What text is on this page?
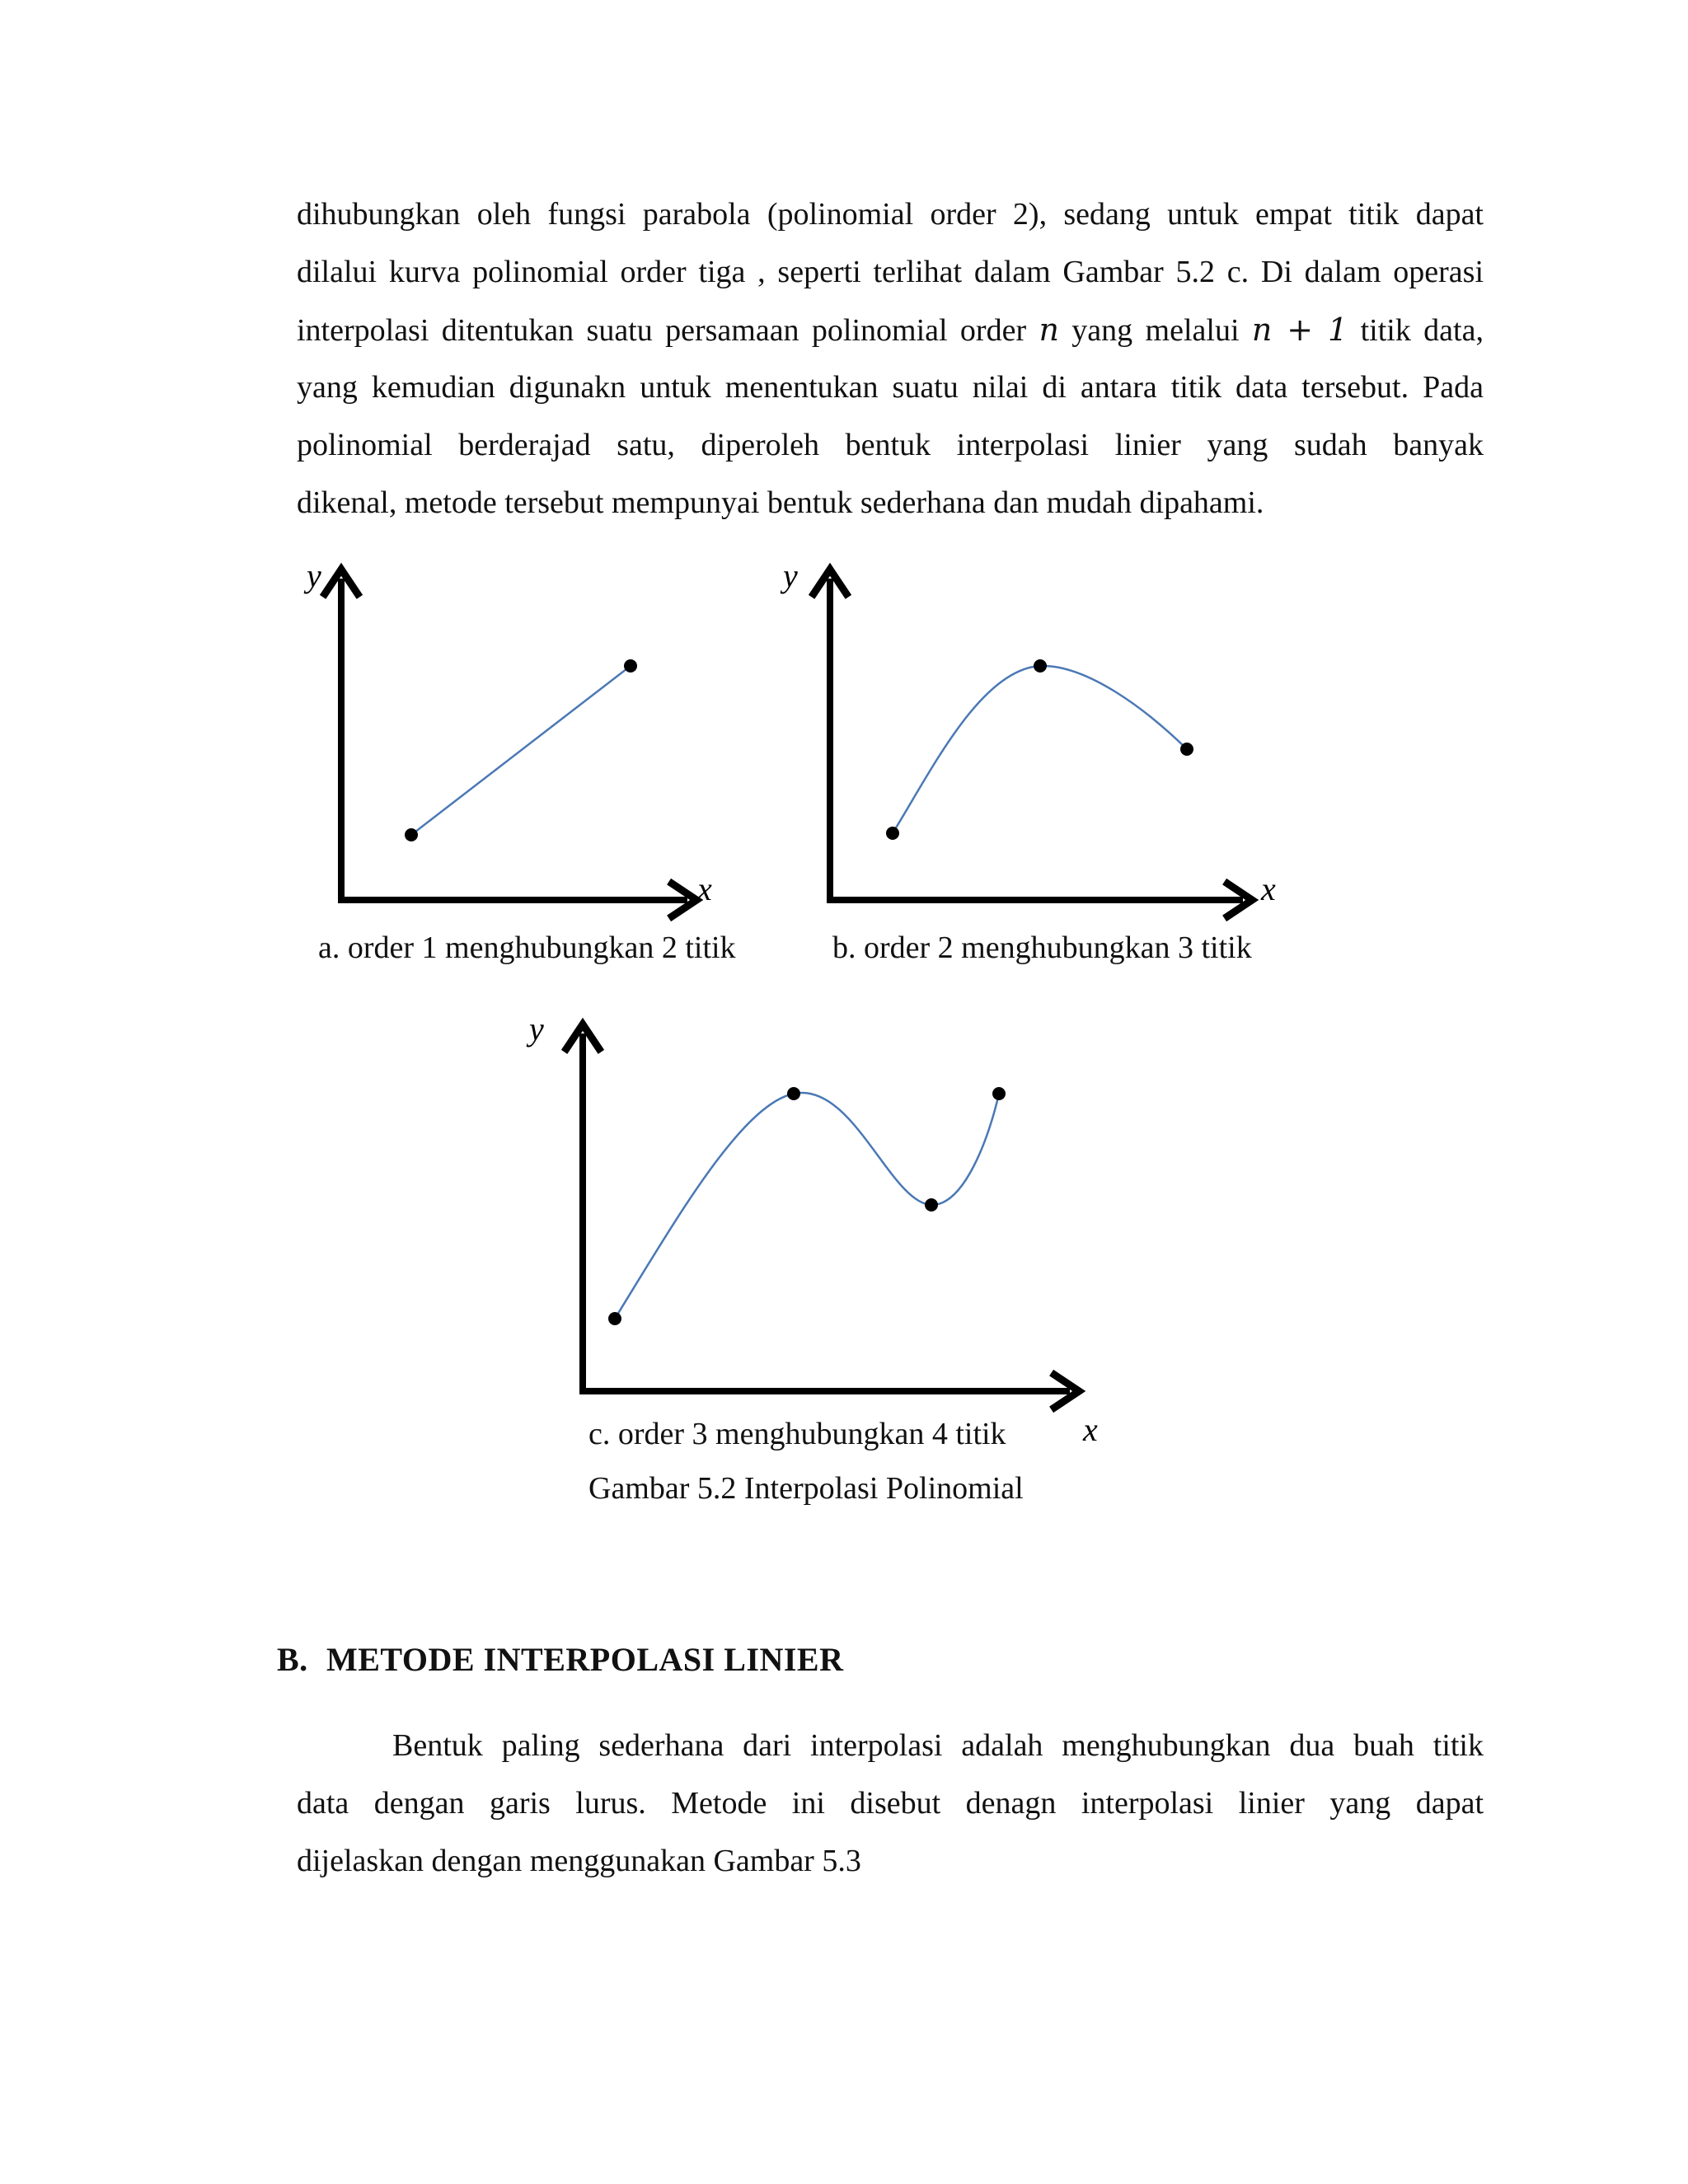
dihubungkan oleh fungsi parabola (polinomial order 2), sedang untuk empat titik dapat
dilalui kurva polinomial order tiga , seperti terlihat dalam Gambar 5.2 c. Di dalam operasi
interpolasi ditentukan suatu persamaan polinomial order n yang melalui n + 1 titik data,
yang kemudian digunakn untuk menentukan suatu nilai di antara titik data tersebut. Pada
polinomial berderajad satu, diperoleh bentuk interpolasi linier yang sudah banyak
dikenal, metode tersebut mempunyai bentuk sederhana dan mudah dipahami.
y
x
y
x
y
x
a. order 1 menghubungkan 2 titik	b. order 2 menghubungkan 3 titik
c. order 3 menghubungkan 4 titik
Gambar 5.2 Interpolasi Polinomial
B. METODE INTERPOLASI LINIER
Bentuk paling sederhana dari interpolasi adalah menghubungkan dua buah titik
data dengan garis lurus. Metode ini disebut denagn interpolasi linier yang dapat
dijelaskan dengan menggunakan Gambar 5.3
